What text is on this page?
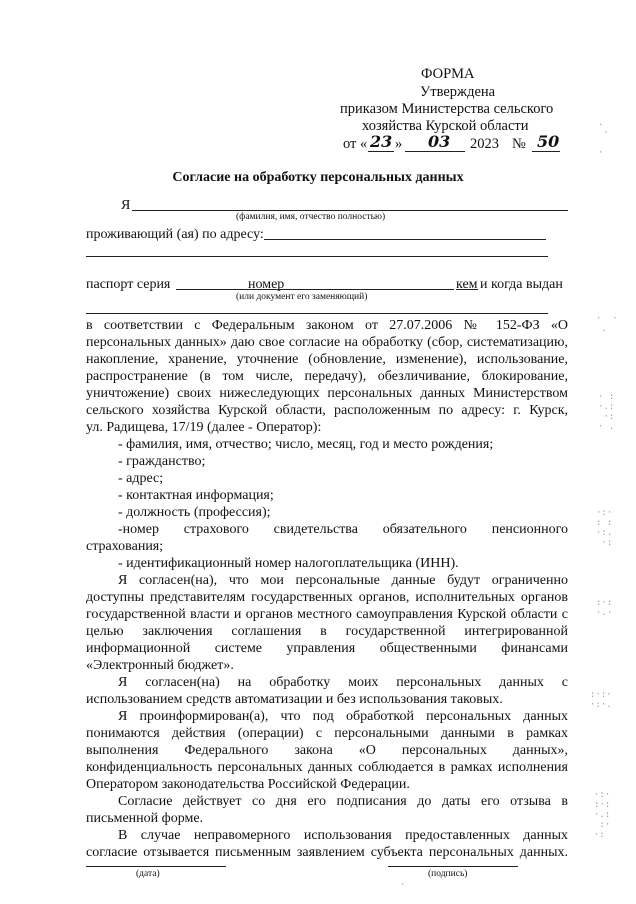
ФОРМА
Утверждена
приказом Министерства сельского
хозяйства Курской области
от « 23 » 03 2023 № 50
Согласие на обработку персональных данных
Я
(фамилия, имя, отчество полностью)
проживающий (ая) по адресу:
паспорт серия	номер	кем и когда выдан
(или документ его заменяющий)
в соответствии с Федеральным законом от 27.07.2006 № 152-ФЗ «О
персональных данных» даю свое согласие на обработку (сбор, систематизацию,
накопление, хранение, уточнение (обновление, изменение), использование,
распространение (в том числе, передачу), обезличивание, блокирование,
уничтожение) своих нижеследующих персональных данных Министерством
сельского хозяйства Курской области, расположенным по адресу: г. Курск,
ул. Радищева, 17/19 (далее - Оператор):
- фамилия, имя, отчество; число, месяц, год и место рождения;
- гражданство;
- адрес;
- контактная информация;
- должность (профессия);
-номер страхового свидетельства обязательного пенсионного
страхования;
- идентификационный номер налогоплательщика (ИНН).
Я согласен(на), что мои персональные данные будут ограниченно
доступны представителям государственных органов, исполнительных органов
государственной власти и органов местного самоуправления Курской области с
целью заключения соглашения в государственной интегрированной
информационной системе управления общественными финансами
«Электронный бюджет».
Я согласен(на) на обработку моих персональных данных с
использованием средств автоматизации и без использования таковых.
Я проинформирован(а), что под обработкой персональных данных
понимаются действия (операции) с персональными данными в рамках
выполнения Федерального закона «О персональных данных»,
конфиденциальность персональных данных соблюдается в рамках исполнения
Оператором законодательства Российской Федерации.
Согласие действует со дня его подписания до даты его отзыва в
письменной форме.
В случае неправомерного использования предоставленных данных
согласие отзывается письменным заявлением субъекта персональных данных.
(дата)	(подпись)
.
·

·
·  ·
.
· :
·.:
·:
· .
·:·
: :
·:.
·:
:·:
·.·
:·:·
·:·.
·:·
:·:
·.:
:·
·:
·
